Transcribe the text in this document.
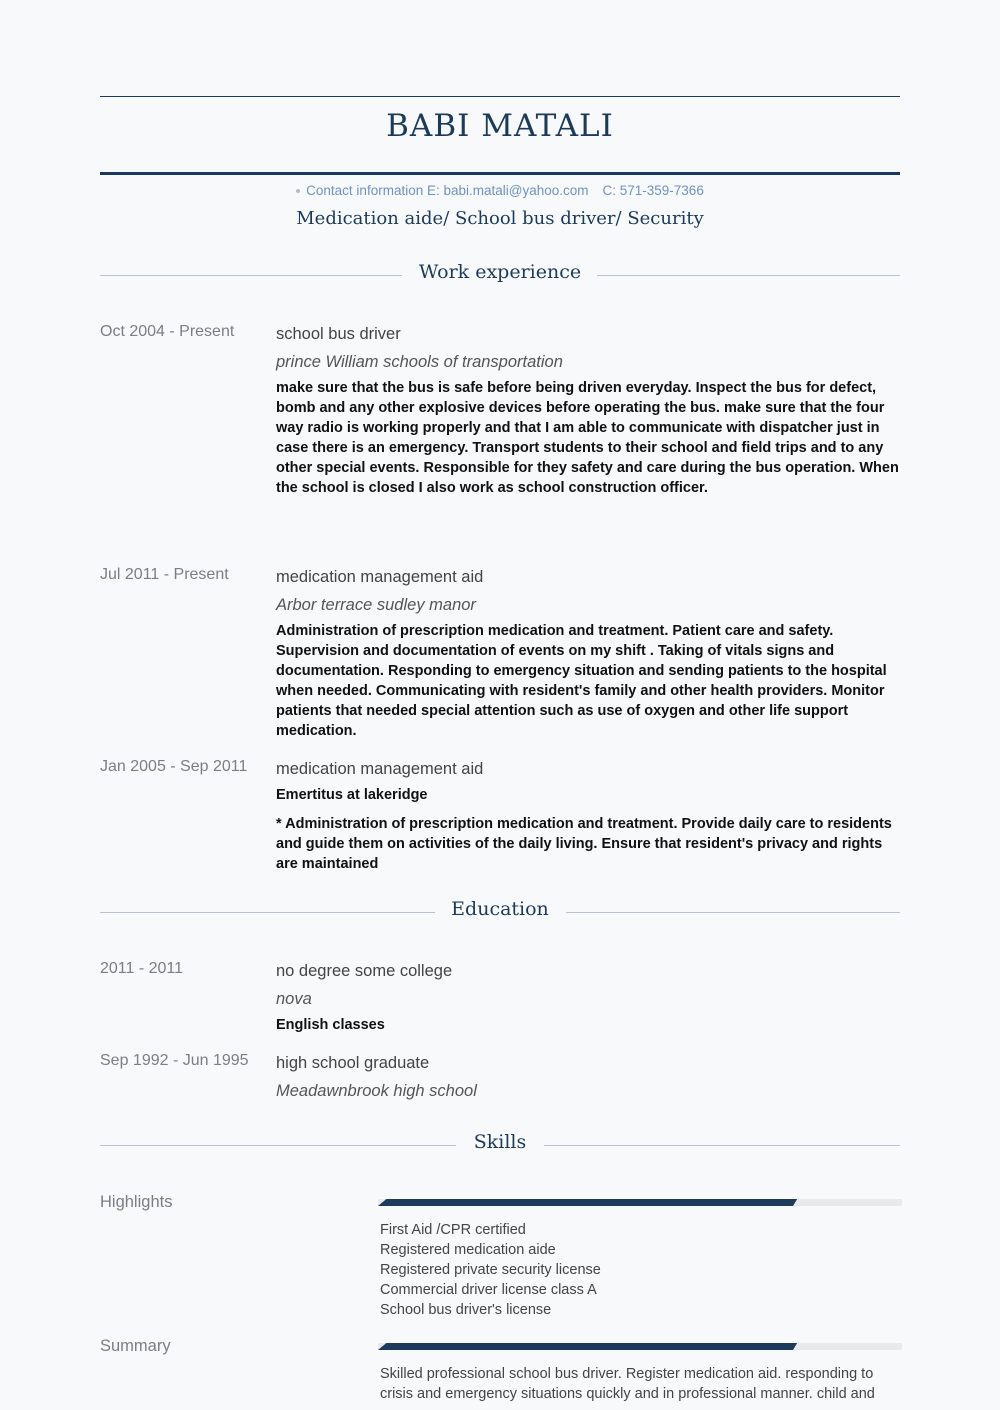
BABI MATALI
Contact information E: babi.matali@yahoo.com C: 571-359-7366
Medication aide/ School bus driver/ Security
Work experience
Oct 2004 - Present	school bus driver
prince William schools of transportation
make sure that the bus is safe before being driven everyday. Inspect the bus for defect, bomb and any other explosive devices before operating the bus. make sure that the four way radio is working properly and that I am able to communicate with dispatcher just in case there is an emergency. Transport students to their school and field trips and to any other special events. Responsible for they safety and care during the bus operation. When the school is closed I also work as school construction officer.
Jul 2011 - Present	medication management aid
Arbor terrace sudley manor
Administration of prescription medication and treatment. Patient care and safety. Supervision and documentation of events on my shift . Taking of vitals signs and documentation. Responding to emergency situation and sending patients to the hospital when needed. Communicating with resident's family and other health providers. Monitor patients that needed special attention such as use of oxygen and other life support medication.
Jan 2005 - Sep 2011 medication management aid
Emertitus at lakeridge
* Administration of prescription medication and treatment. Provide daily care to residents and guide them on activities of the daily living. Ensure that resident's privacy and rights are maintained
Education
2011 - 2011	no degree some college
nova
English classes
Sep 1992 - Jun 1995 high school graduate
Meadawnbrook high school
Skills
Highlights
First Aid /CPR certified
Registered medication aide
Registered private security license
Commercial driver license class A
School bus driver's license
Summary
Skilled professional school bus driver. Register medication aid. responding to crisis and emergency situations quickly and in professional manner. child and
